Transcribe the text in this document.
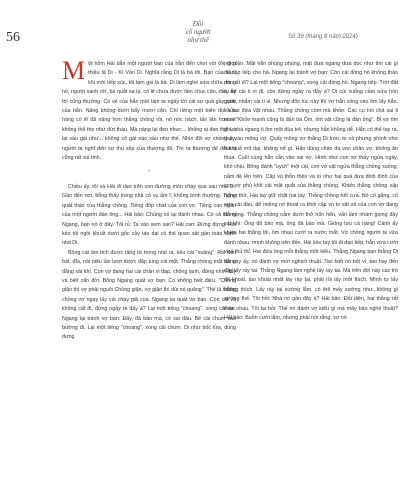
56
Đôi
cô người
như thế	Số 39 (tháng 8 năm 2024)

M ột hôm Hải dẫn một người bạn của hắn đến chơi với tôi, giới thiệu là Di - Kì Văn Di. Nghĩa rằng Di là bà tôi. Bạn của bạn, khi mới tiếp xúc, tôi tạm gọi là bà. Di làm nghề sửa chữa đồng hồ, người xanh rớt, bé quắt xa lạ, có lẽ chưa được tiền chục cân, điều ấy thì cũng thường. Có vẻ của hắn mới làm ta ngây tới cái sự quá gầy còm của hắn. Nâng không dưới bẩy mươi cân. Chỉ riêng một biên dùi của nàng có lẽ đã nặng hơn thằng chồng rồi, nó nóc nách, lấn lấn hơn sẽ không thể thọ như đứt tháu. Mà nàng lại đen nhưc... không ai đen thế, và lại xấu gái như... không cô gái nào xấu như thế. Nhìn đôi vợ chồng ấy, người ta nghĩ đến sự thu xếp của thượng đế. Thì ra thượng đế đôi khi cũng rất vui tính.

*

Chiều ấy, tôi và Hải đi dạo trên con đường mòn chạy qua sau nhà Di. Gần đến nơi, bỗng thấy trong nhà có vụ ẩm ĩ, không bình thường. Tiếng quát tháo của thằng chồng. Tiếng đốp chát của con vợ. Tiếng can ngăn của một người đàn ông... Hải bảo: Chúng nó lại đánh nhau. Có cả thằng Ngang, bạn nó ở đây. Tôi rủ: Ta vào xem sao? Hải can: Đừng đừng. Hải kéo tôi ngồi khuất dưới gốc cây táo dại có thể quan sát gần toàn cảnh nhà Di.

Bổng cái âm tích được tăng từ trong nhà ra, kêu cái "xoảng". Rồi đến bát, đĩa, nồi niêu lần lượt được đập tung cái một. Thằng chồng mặt đằng đằng sát khí. Con vợ đang hai cái chân vì đạp, chống lạnh, đứng nhìn đấy và biết cẩn đời. Bổng Ngang quát vợ bạn: Có không biết điều. "Chồng giận thì vợ phải nguôi Chồng giận, vợ giận thì dùi nó quăng". Thế là thằng chồng vợ ngay lấy cái chày giã cua. Ngang lại quát vợ bạn: Còn cái vụ không cất đi, đứng ngây ra đấy à? Lại một tiếng "choang", xong cái vại. Ngang lại tránh vợ bạn: Đấy, đá bảo mà, có sai đâu. Bể cái chum vào bường đi. Lại một tiếng "choang", xong cái chum. Di như bốc lửa, đúng dưng

nổi giận. Mặt hằn phùng phùng, mặt đưa ngang đưa dọc như tìm cái gì để đập tiếp cho hả. Ngang lại tránh vợ bạn: Còn cái đồng hồ không thảo ma cất đi? Lại một tiếng "choang", xong cái đồng hồ. Ngang tiếp: Trời đất a, bể cái ti vi đi, còn đứng ngây ra đấy à? Di cúi xuống cầm nửa hòn gạch, nhắm cái ti vi. Nhưng đôn lúc này thì vợ hắn xông vào ôm lấy hắn. Và hai đứa vật nhau. Thằng chồng còm mà khỏe. Các cụ nói chả sai ti nào: "Khỏe mạnh cũng là đàn bà Ốm, ốm vặt cũng là đàn ông". Bỉ vợ ôm ghì, nhà ngang ti ôm một đùa trẻ, nhưng hắn không dễ. Hắn có thể tay ra, thụi vào mông vợ. Quẩy mông vợ thằng Di tròn, to và phưng phình như hai quả mít dại, không nể gì. Hắn dùng chân đá vào chân vợ, không ăn thua. Cuối cùng hắn cắn vào vai vợ. Hình như con vợ thấy ngứa ngáy, khó chịu. Bổng đánh "uych" một cái, con vợ vật ngửa thằng chồng xuống, nằm đè lên trên. Cặp vú thỗn thện và to như hai quả dừa đinh đinh của con vợ phủ khít cái mặt quắt của thằng chồng. Khiến thằng chồng xấp nghẹt thở. Hai tay giữ chặt hai tay. Thằng chồng hết cựa. Nó cố gắng, cố cựa cái đầu, để miệng nó thoát ra khỏi cặp vú to vật vã của con vợ đang đè nặng. Thằng chồng nằm dưới thở hổn hển, vẫn lầm nhầm giọng đầy sát khí: Ông đã bảo mà, ông đã bảo mà. Giống lưu cá nàng! Cảnh ấy khiến hai thằng tôi, ôm nhau cười ra nước mắt. Vợ chồng người ta vừa đánh nhau, mình không nên đến. Hải kéo tay tôi đi dạo tiếp, hắn vừa cười vừa thủ thỉ: Hai đứa ông mỗi thằng một kiểu. Thằng Ngang bạn thằng Di lúc này ấy, nó đánh vợ mới nghịch thuật. Tao biết nó bởi vì, tao hay đến đây lấy rày tai. Thằng Ngang làm nghề lấy ráy tai. Mà trên đời này các trò để khoái, tao khoái nhất lấy ráy tai, phải rồi lấy mới thích. Mình tự lấy không thích. Lấy ráy tai xướng lắm, có thể mấy xướng như...không gì xướng thế. Tôi hỏi: Nhà nó gần đây à? Hải bảo: Đối diện, hai thằng rất thân nhau. Tôi lại hỏi: Thế nó đánh vợ kiểu gì mà mấy bảo nghệ thuật? Hải bảo: Buồn cười lắm, nhưng phải nói rằng, vợ nó
